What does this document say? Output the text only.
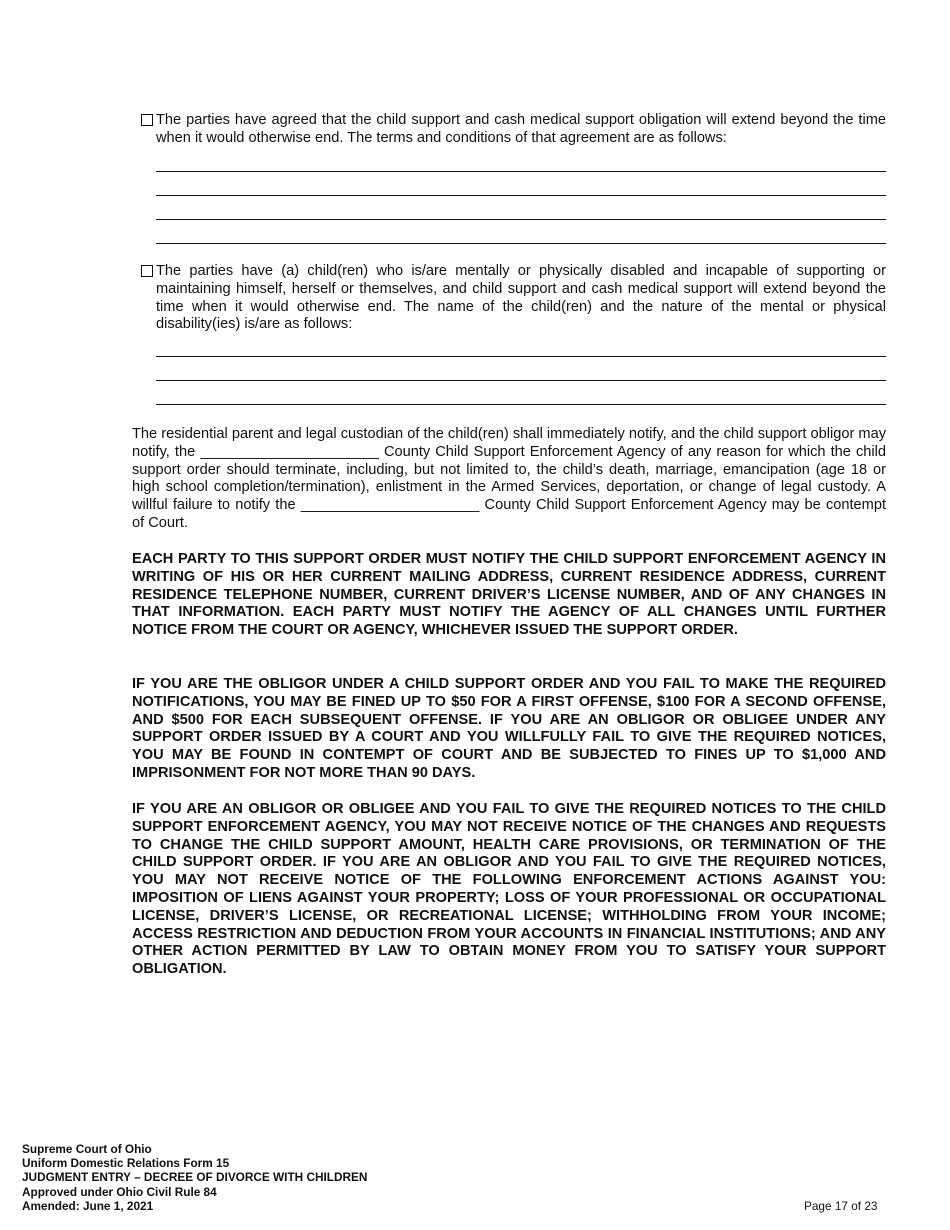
The parties have agreed that the child support and cash medical support obligation will extend beyond the time when it would otherwise end. The terms and conditions of that agreement are as follows:
The parties have (a) child(ren) who is/are mentally or physically disabled and incapable of supporting or maintaining himself, herself or themselves, and child support and cash medical support will extend beyond the time when it would otherwise end. The name of the child(ren) and the nature of the mental or physical disability(ies) is/are as follows:

The residential parent and legal custodian of the child(ren) shall immediately notify, and the child support obligor may notify, the ______________________ County Child Support Enforcement Agency of any reason for which the child support order should terminate, including, but not limited to, the child’s death, marriage, emancipation (age 18 or high school completion/termination), enlistment in the Armed Services, deportation, or change of legal custody. A willful failure to notify the ______________________ County Child Support Enforcement Agency may be contempt of Court.

EACH PARTY TO THIS SUPPORT ORDER MUST NOTIFY THE CHILD SUPPORT ENFORCEMENT AGENCY IN WRITING OF HIS OR HER CURRENT MAILING ADDRESS, CURRENT RESIDENCE ADDRESS, CURRENT RESIDENCE TELEPHONE NUMBER, CURRENT DRIVER’S LICENSE NUMBER, AND OF ANY CHANGES IN THAT INFORMATION. EACH PARTY MUST NOTIFY THE AGENCY OF ALL CHANGES UNTIL FURTHER NOTICE FROM THE COURT OR AGENCY, WHICHEVER ISSUED THE SUPPORT ORDER.

IF YOU ARE THE OBLIGOR UNDER A CHILD SUPPORT ORDER AND YOU FAIL TO MAKE THE REQUIRED NOTIFICATIONS, YOU MAY BE FINED UP TO $50 FOR A FIRST OFFENSE, $100 FOR A SECOND OFFENSE, AND $500 FOR EACH SUBSEQUENT OFFENSE. IF YOU ARE AN OBLIGOR OR OBLIGEE UNDER ANY SUPPORT ORDER ISSUED BY A COURT AND YOU WILLFULLY FAIL TO GIVE THE REQUIRED NOTICES, YOU MAY BE FOUND IN CONTEMPT OF COURT AND BE SUBJECTED TO FINES UP TO $1,000 AND IMPRISONMENT FOR NOT MORE THAN 90 DAYS.

IF YOU ARE AN OBLIGOR OR OBLIGEE AND YOU FAIL TO GIVE THE REQUIRED NOTICES TO THE CHILD SUPPORT ENFORCEMENT AGENCY, YOU MAY NOT RECEIVE NOTICE OF THE CHANGES AND REQUESTS TO CHANGE THE CHILD SUPPORT AMOUNT, HEALTH CARE PROVISIONS, OR TERMINATION OF THE CHILD SUPPORT ORDER. IF YOU ARE AN OBLIGOR AND YOU FAIL TO GIVE THE REQUIRED NOTICES, YOU MAY NOT RECEIVE NOTICE OF THE FOLLOWING ENFORCEMENT ACTIONS AGAINST YOU: IMPOSITION OF LIENS AGAINST YOUR PROPERTY; LOSS OF YOUR PROFESSIONAL OR OCCUPATIONAL LICENSE, DRIVER’S LICENSE, OR RECREATIONAL LICENSE; WITHHOLDING FROM YOUR INCOME; ACCESS RESTRICTION AND DEDUCTION FROM YOUR ACCOUNTS IN FINANCIAL INSTITUTIONS; AND ANY OTHER ACTION PERMITTED BY LAW TO OBTAIN MONEY FROM YOU TO SATISFY YOUR SUPPORT OBLIGATION.

Supreme Court of Ohio
Uniform Domestic Relations Form 15
JUDGMENT ENTRY – DECREE OF DIVORCE WITH CHILDREN
Approved under Ohio Civil Rule 84
Amended: June 1, 2021	Page 17 of 23
